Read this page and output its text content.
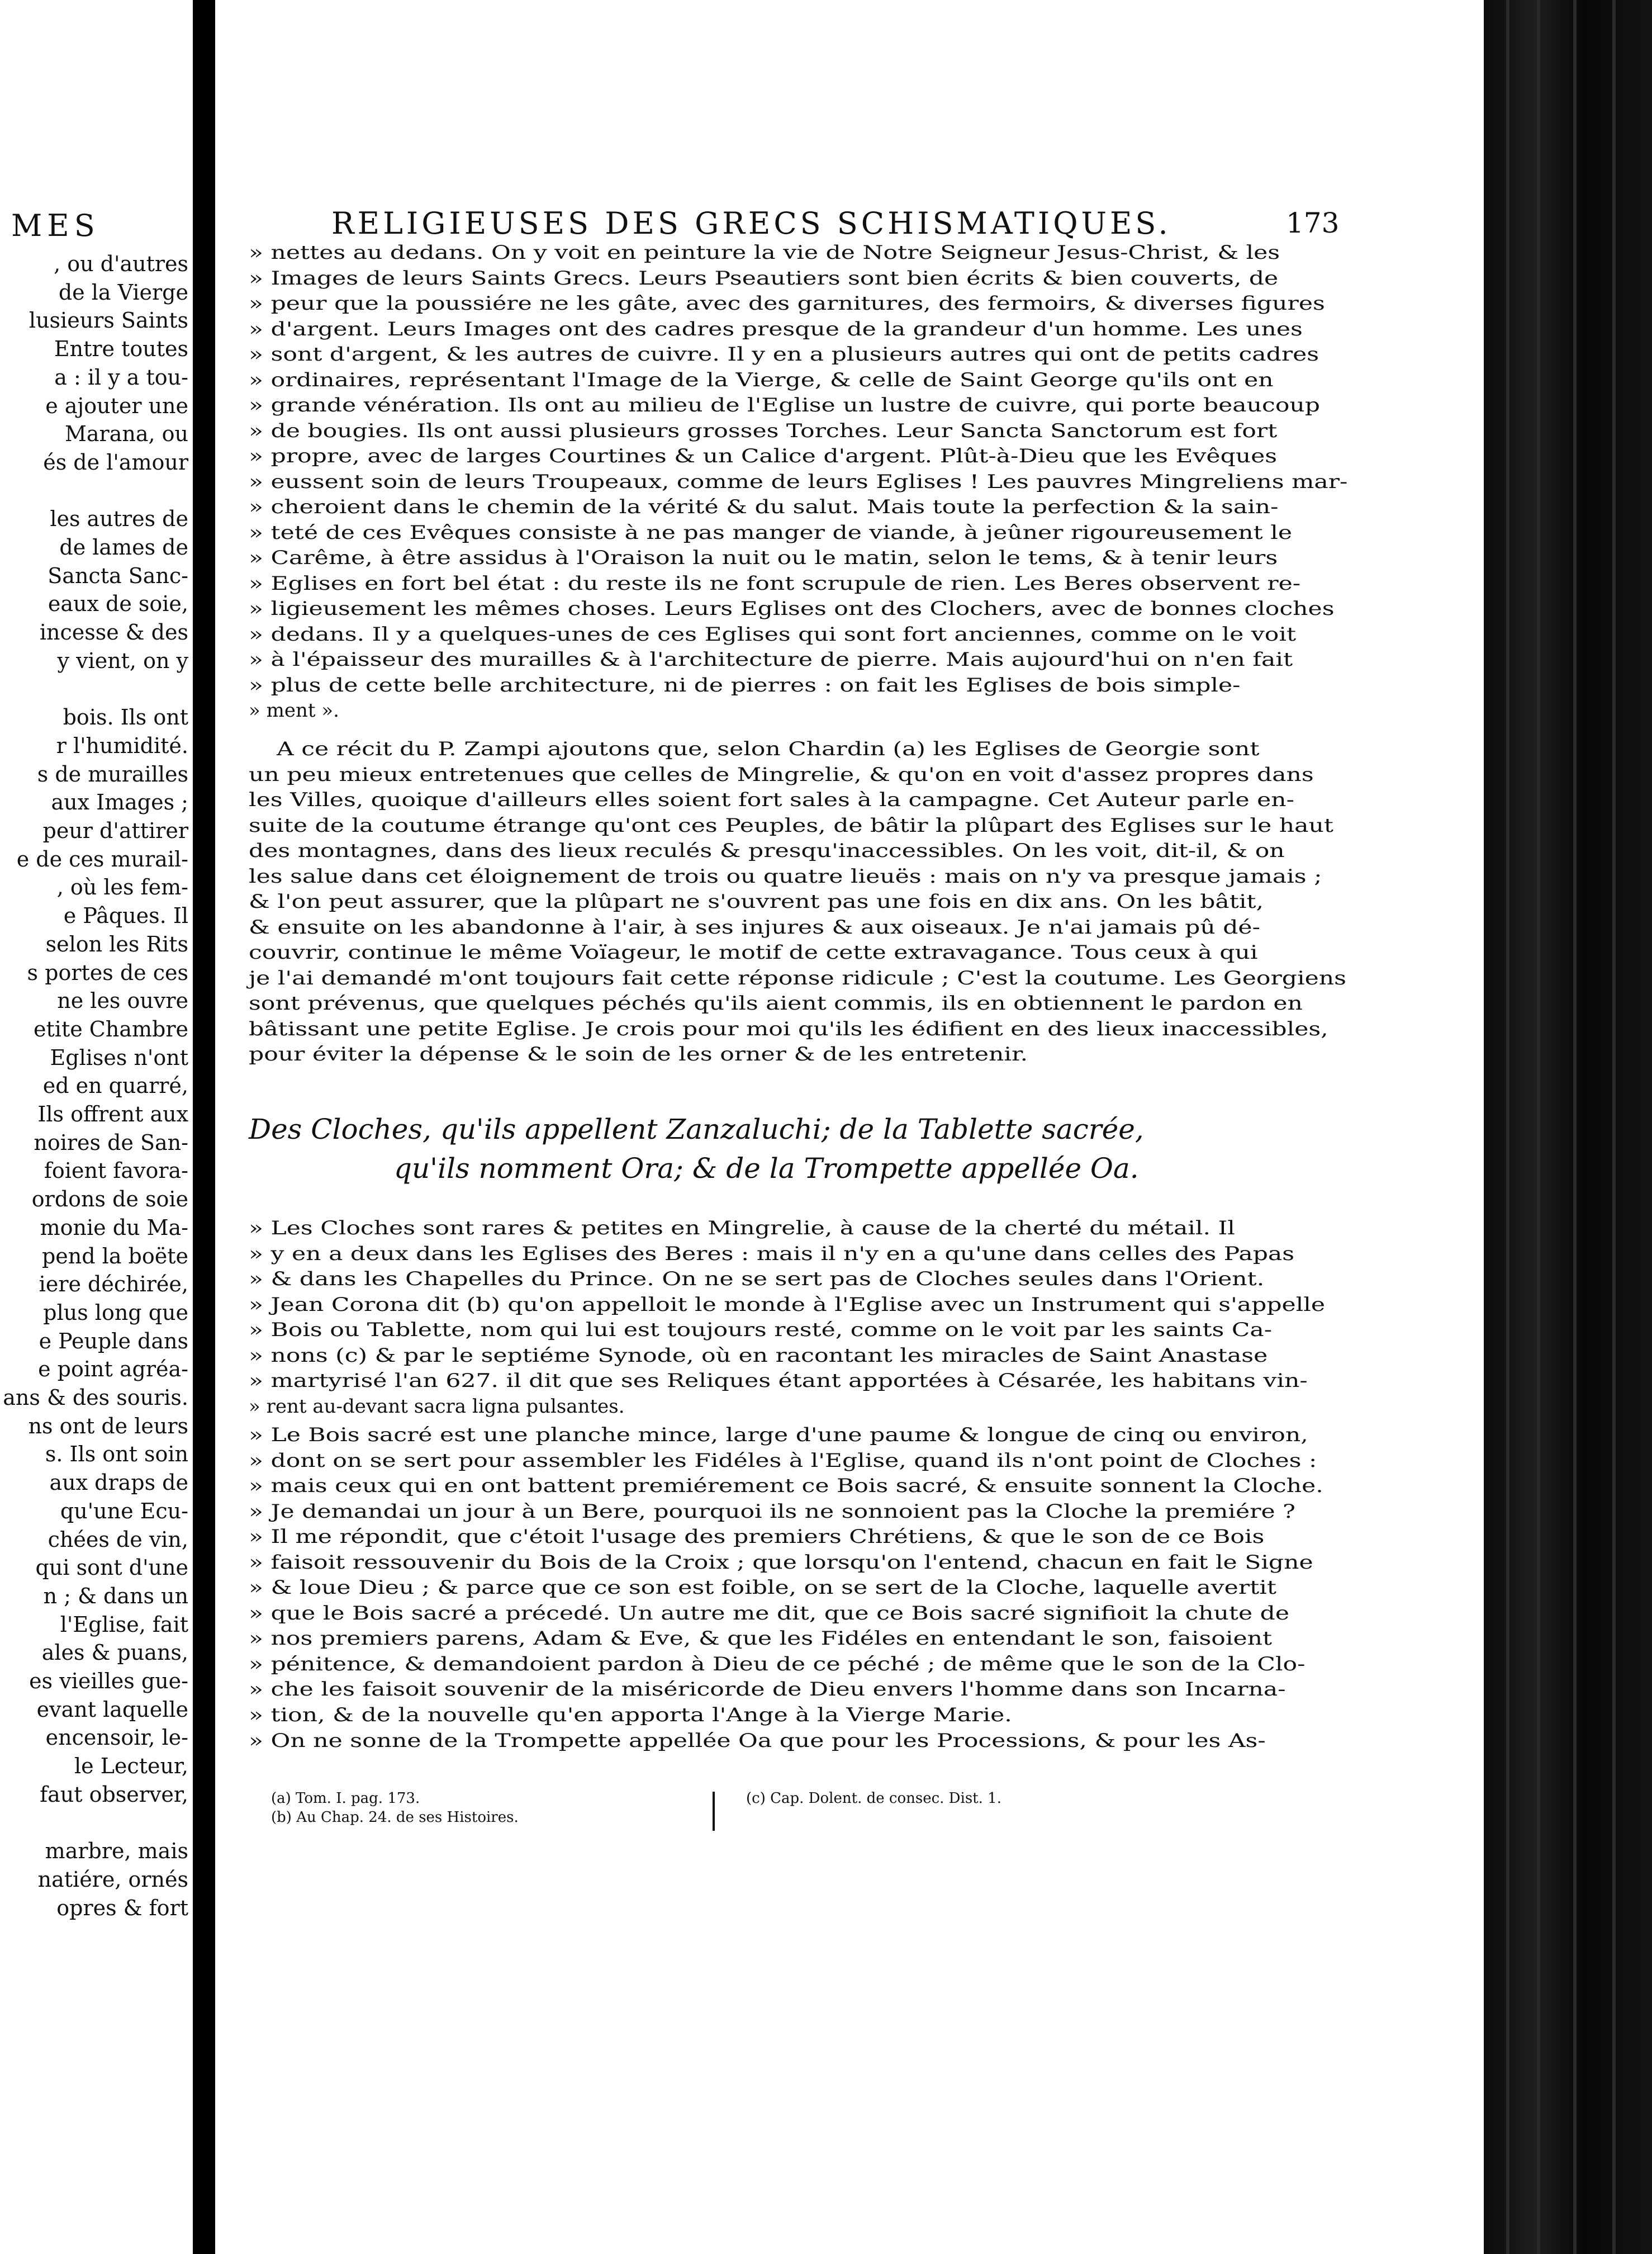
MES
, ou d'autres
de la Vierge
lusieurs Saints
Entre toutes
a : il y a tou-
e ajouter une
Marana, ou
és de l'amour
les autres de
de lames de
Sancta Sanc-
eaux de soie,
incesse & des
y vient, on y
bois. Ils ont
r l'humidité.
s de murailles
aux Images ;
peur d'attirer
e de ces murail-
, où les fem-
e Pâques. Il
selon les Rits
s portes de ces
ne les ouvre
etite Chambre
Eglises n'ont
ed en quarré,
Ils offrent aux
noires de San-
foient favora-
ordons de soie
monie du Ma-
pend la boëte
iere déchirée,
plus long que
e Peuple dans
e point agréa-
ans & des souris.
ns ont de leurs
s. Ils ont soin
aux draps de
qu'une Ecu-
chées de vin,
qui sont d'une
n ; & dans un
l'Eglise, fait
ales & puans,
es vieilles gue-
evant laquelle
encensoir, le-
le Lecteur,
faut observer,
marbre, mais
natiére, ornés
opres & fort
RELIGIEUSES DES GRECS SCHISMATIQUES.	173
» nettes au dedans. On y voit en peinture la vie de Notre Seigneur Jesus-Christ, & les
» Images de leurs Saints Grecs. Leurs Pseautiers sont bien écrits & bien couverts, de
» peur que la poussiére ne les gâte, avec des garnitures, des fermoirs, & diverses figures
» d'argent. Leurs Images ont des cadres presque de la grandeur d'un homme. Les unes
» sont d'argent, & les autres de cuivre. Il y en a plusieurs autres qui ont de petits cadres
» ordinaires, représentant l'Image de la Vierge, & celle de Saint George qu'ils ont en
» grande vénération. Ils ont au milieu de l'Eglise un lustre de cuivre, qui porte beaucoup
» de bougies. Ils ont aussi plusieurs grosses Torches. Leur Sancta Sanctorum est fort
» propre, avec de larges Courtines & un Calice d'argent. Plût-à-Dieu que les Evêques
» eussent soin de leurs Troupeaux, comme de leurs Eglises ! Les pauvres Mingreliens mar-
» cheroient dans le chemin de la vérité & du salut. Mais toute la perfection & la sain-
» teté de ces Evêques consiste à ne pas manger de viande, à jeûner rigoureusement le
» Carême, à être assidus à l'Oraison la nuit ou le matin, selon le tems, & à tenir leurs
» Eglises en fort bel état : du reste ils ne font scrupule de rien. Les Beres observent re-
» ligieusement les mêmes choses. Leurs Eglises ont des Clochers, avec de bonnes cloches
» dedans. Il y a quelques-unes de ces Eglises qui sont fort anciennes, comme on le voit
» à l'épaisseur des murailles & à l'architecture de pierre. Mais aujourd'hui on n'en fait
» plus de cette belle architecture, ni de pierres : on fait les Eglises de bois simple-
» ment ».
A ce récit du P. Zampi ajoutons que, selon Chardin (a) les Eglises de Georgie sont
un peu mieux entretenues que celles de Mingrelie, & qu'on en voit d'assez propres dans
les Villes, quoique d'ailleurs elles soient fort sales à la campagne. Cet Auteur parle en-
suite de la coutume étrange qu'ont ces Peuples, de bâtir la plûpart des Eglises sur le haut
des montagnes, dans des lieux reculés & presqu'inaccessibles. On les voit, dit-il, & on
les salue dans cet éloignement de trois ou quatre lieuës : mais on n'y va presque jamais ;
& l'on peut assurer, que la plûpart ne s'ouvrent pas une fois en dix ans. On les bâtit,
& ensuite on les abandonne à l'air, à ses injures & aux oiseaux. Je n'ai jamais pû dé-
couvrir, continue le même Voïageur, le motif de cette extravagance. Tous ceux à qui
je l'ai demandé m'ont toujours fait cette réponse ridicule ; C'est la coutume. Les Georgiens
sont prévenus, que quelques péchés qu'ils aient commis, ils en obtiennent le pardon en
bâtissant une petite Eglise. Je crois pour moi qu'ils les édifient en des lieux inaccessibles,
pour éviter la dépense & le soin de les orner & de les entretenir.
Des Cloches, qu'ils appellent Zanzaluchi; de la Tablette sacrée,
qu'ils nomment Ora; & de la Trompette appellée Oa.
» Les Cloches sont rares & petites en Mingrelie, à cause de la cherté du métail. Il
» y en a deux dans les Eglises des Beres : mais il n'y en a qu'une dans celles des Papas
» & dans les Chapelles du Prince. On ne se sert pas de Cloches seules dans l'Orient.
» Jean Corona dit (b) qu'on appelloit le monde à l'Eglise avec un Instrument qui s'appelle
» Bois ou Tablette, nom qui lui est toujours resté, comme on le voit par les saints Ca-
» nons (c) & par le septiéme Synode, où en racontant les miracles de Saint Anastase
» martyrisé l'an 627. il dit que ses Reliques étant apportées à Césarée, les habitans vin-
» rent au-devant sacra ligna pulsantes.
» Le Bois sacré est une planche mince, large d'une paume & longue de cinq ou environ,
» dont on se sert pour assembler les Fidéles à l'Eglise, quand ils n'ont point de Cloches :
» mais ceux qui en ont battent premiérement ce Bois sacré, & ensuite sonnent la Cloche.
» Je demandai un jour à un Bere, pourquoi ils ne sonnoient pas la Cloche la premiére ?
» Il me répondit, que c'étoit l'usage des premiers Chrétiens, & que le son de ce Bois
» faisoit ressouvenir du Bois de la Croix ; que lorsqu'on l'entend, chacun en fait le Signe
» & loue Dieu ; & parce que ce son est foible, on se sert de la Cloche, laquelle avertit
» que le Bois sacré a précedé. Un autre me dit, que ce Bois sacré signifioit la chute de
» nos premiers parens, Adam & Eve, & que les Fidéles en entendant le son, faisoient
» pénitence, & demandoient pardon à Dieu de ce péché ; de même que le son de la Clo-
» che les faisoit souvenir de la miséricorde de Dieu envers l'homme dans son Incarna-
» tion, & de la nouvelle qu'en apporta l'Ange à la Vierge Marie.
» On ne sonne de la Trompette appellée Oa que pour les Processions, & pour les As-
(a) Tom. I. pag. 173.
(b) Au Chap. 24. de ses Histoires.
(c) Cap. Dolent. de consec. Dist. 1.
